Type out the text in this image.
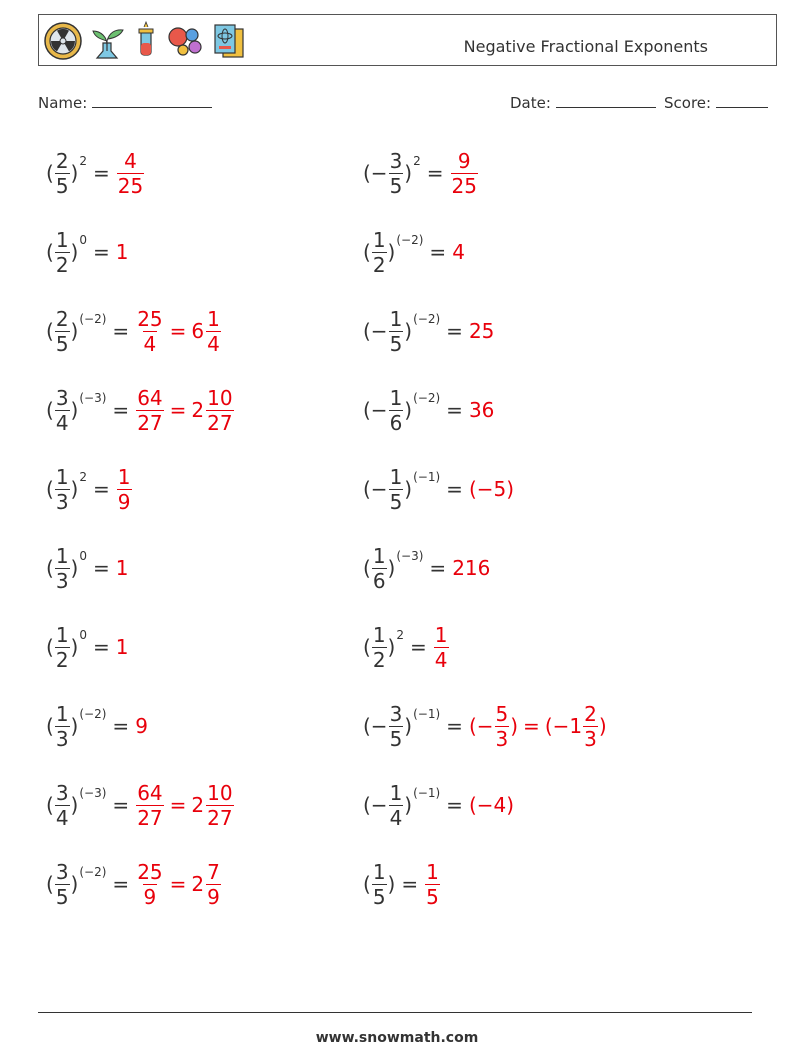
Negative Fractional Exponents
Name:	Date:	Score:
( $\frac{2}{5}$ ) $2 = \frac{4}{25}$	(− $\frac{3}{5}$ ) $2 = \frac{9}{25}$
( $\frac{1}{2}$ ) 0 = 1	( $\frac{1}{2}$ ) (−2) = 4
( $\frac{2}{5}$ ) $(-2) = \frac{25}{4} = 6 \frac{1}{4}$	(− $\frac{1}{5}$ ) (−2) = 25
( $\frac{3}{4}$ ) $(-3) = \frac{64}{27} = 2 \frac{10}{27}$	(− $\frac{1}{6}$ ) (−2) = 36
( $\frac{1}{3}$ ) $2 = \frac{1}{9}$	(− $\frac{1}{5}$ ) (−1) = (−5)
( $\frac{1}{3}$ ) 0 = 1	( $\frac{1}{6}$ ) (−3) = 216
( $\frac{1}{2}$ ) 0 = 1	( $\frac{1}{2}$ ) $2 = \frac{1}{4}$
( $\frac{1}{3}$ ) (−2) = 9	(− $\frac{3}{5}$ ) (−1) = (− $\frac{5}{3}$ ) = ($-1 \frac{2}{3}$ )
( $\frac{3}{4}$ ) $(-3) = \frac{64}{27} = 2 \frac{10}{27}$	(− $\frac{1}{4}$ ) (−1) = (−4)
( $\frac{3}{5}$ ) $(-2) = \frac{25}{9} = 2 \frac{7}{9}$	( $\frac{1}{5}$ ) = $\frac{1}{5}$
www.snowmath.com
